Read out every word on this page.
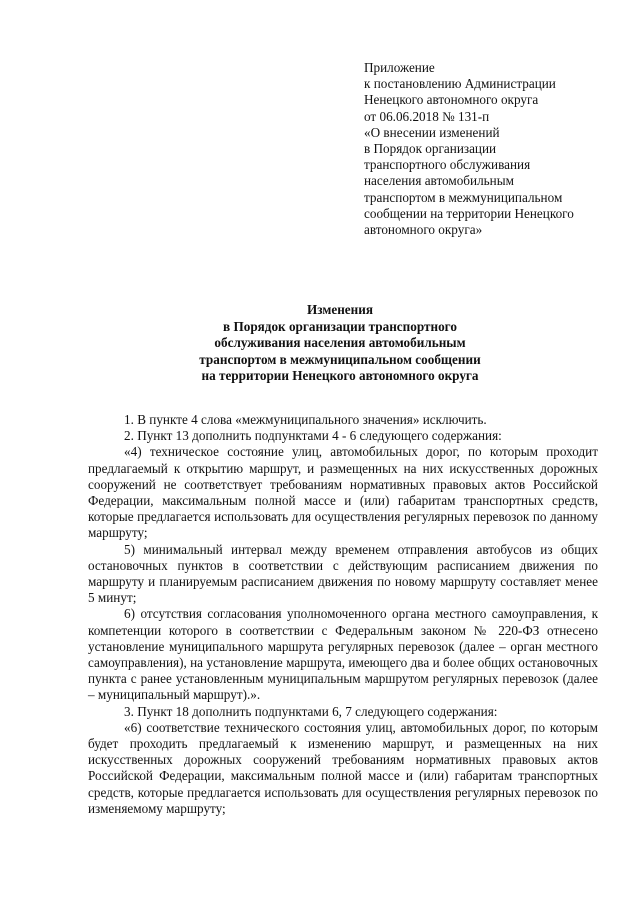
Приложение
к постановлению Администрации
Ненецкого автономного округа
от 06.06.2018 № 131-п
«О внесении изменений
в Порядок организации
транспортного обслуживания
населения автомобильным
транспортом в межмуниципальном
сообщении на территории Ненецкого
автономного округа»
Изменения
в Порядок организации транспортного
обслуживания населения автомобильным
транспортом в межмуниципальном сообщении
на территории Ненецкого автономного округа

1. В пункте 4 слова «межмуниципального значения» исключить.

2. Пункт 13 дополнить подпунктами 4 - 6 следующего содержания:

«4) техническое состояние улиц, автомобильных дорог, по которым проходит предлагаемый к открытию маршрут, и размещенных на них искусственных дорожных сооружений не соответствует требованиям нормативных правовых актов Российской Федерации, максимальным полной массе и (или) габаритам транспортных средств, которые предлагается использовать для осуществления регулярных перевозок по данному маршруту;

5) минимальный интервал между временем отправления автобусов из общих остановочных пунктов в соответствии с действующим расписанием движения по маршруту и планируемым расписанием движения по новому маршруту составляет менее 5 минут;

6) отсутствия согласования уполномоченного органа местного самоуправления, к компетенции которого в соответствии с Федеральным законом № 220-ФЗ отнесено установление муниципального маршрута регулярных перевозок (далее – орган местного самоуправления), на установление маршрута, имеющего два и более общих остановочных пункта с ранее установленным муниципальным маршрутом регулярных перевозок (далее – муниципальный маршрут).».

3. Пункт 18 дополнить подпунктами 6, 7 следующего содержания:

«6) соответствие технического состояния улиц, автомобильных дорог, по которым будет проходить предлагаемый к изменению маршрут, и размещенных на них искусственных дорожных сооружений требованиям нормативных правовых актов Российской Федерации, максимальным полной массе и (или) габаритам транспортных средств, которые предлагается использовать для осуществления регулярных перевозок по изменяемому маршруту;
